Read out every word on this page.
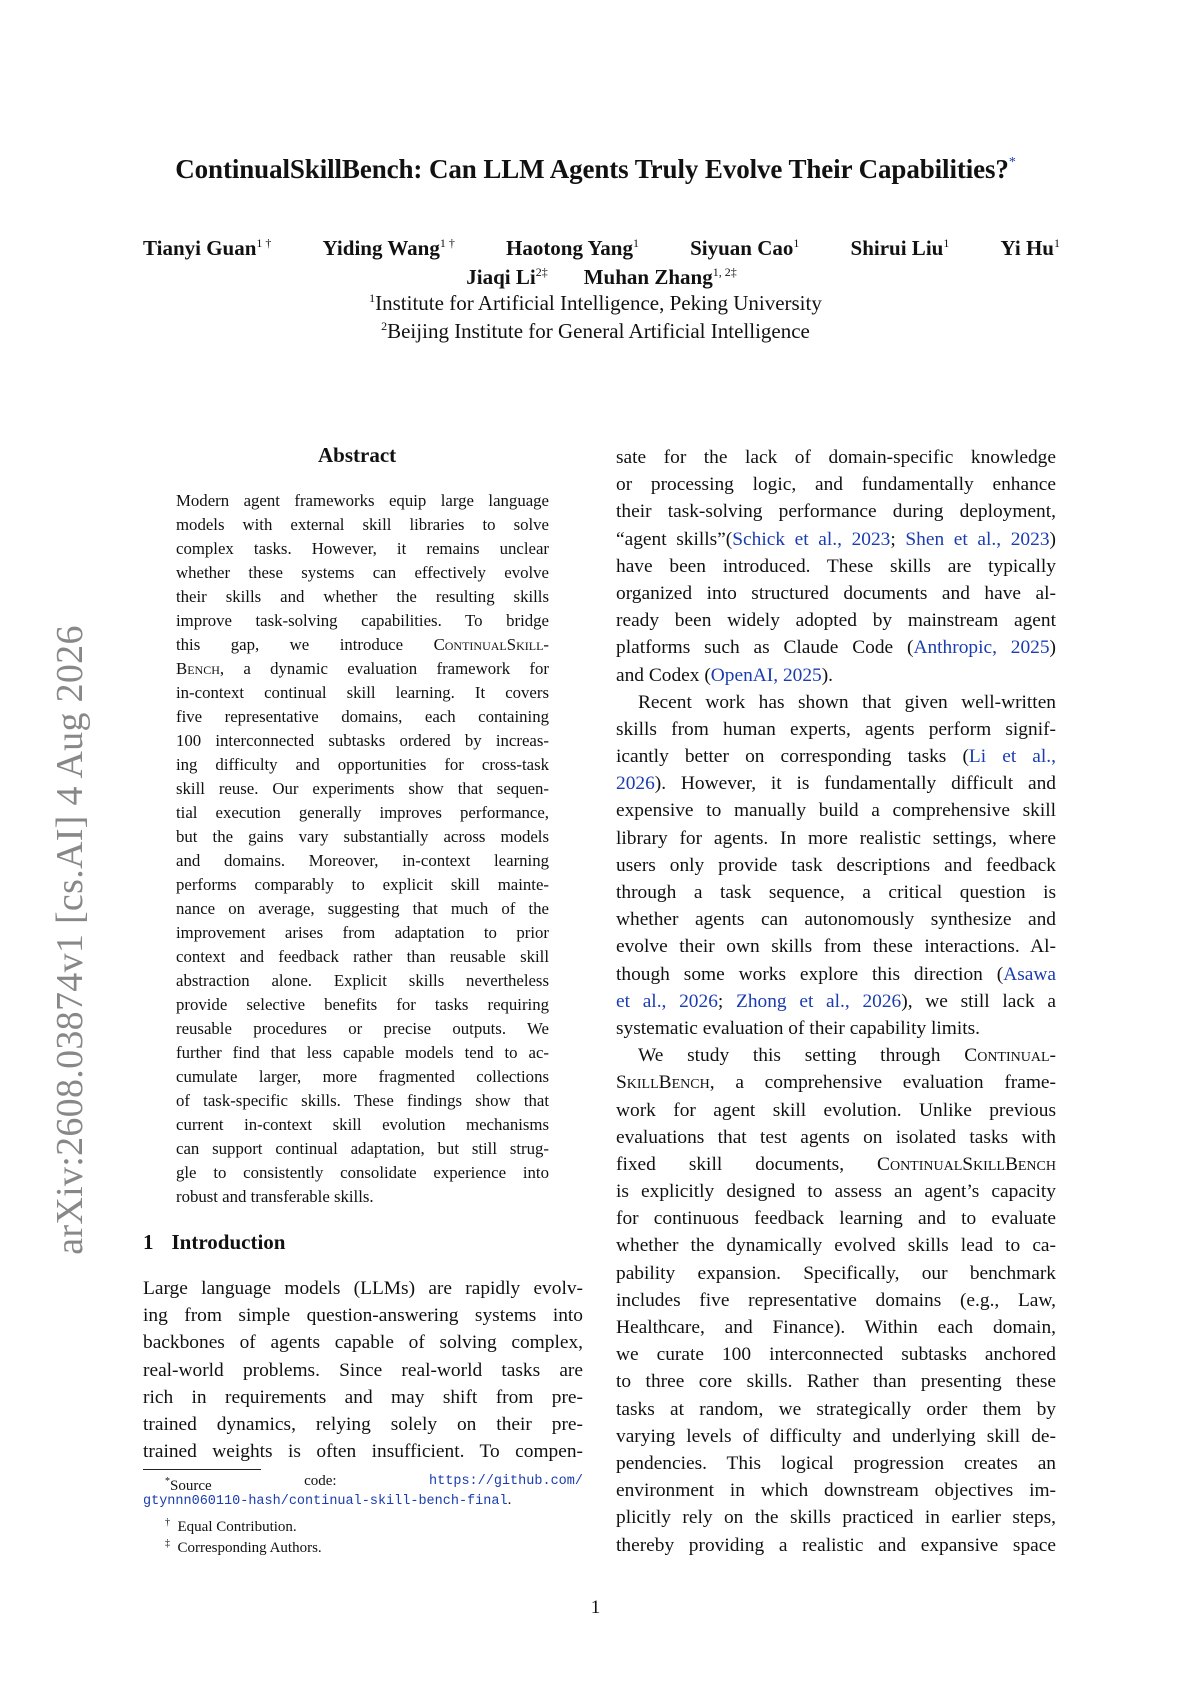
arXiv:2608.03874v1 [cs.AI] 4 Aug 2026
ContinualSkillBench: Can LLM Agents Truly Evolve Their Capabilities?*
Tianyi Guan$^{1 \dagger}$ Yiding Wang$^{1 \dagger}$ Haotong Yang$^1$ Siyuan Cao$^1$ Shirui Liu$^1$ Yi Hu$^1$
Jiaqi $Li^{2\ddagger}$ Muhan Zhang$^{1, 2\ddagger}$
$^1$Institute for Artificial Intelligence, Peking University
$^2$Beijing Institute for General Artificial Intelligence
Abstract
Modern agent frameworks equip large language
models with external skill libraries to solve
complex tasks. However, it remains unclear
whether these systems can effectively evolve
their skills and whether the resulting skills
improve task-solving capabilities. To bridge
this gap, we introduce ContinualSkill-
Bench, a dynamic evaluation framework for
in-context continual skill learning. It covers
five representative domains, each containing
100 interconnected subtasks ordered by increas-
ing difficulty and opportunities for cross-task
skill reuse. Our experiments show that sequen-
tial execution generally improves performance,
but the gains vary substantially across models
and domains. Moreover, in-context learning
performs comparably to explicit skill mainte-
nance on average, suggesting that much of the
improvement arises from adaptation to prior
context and feedback rather than reusable skill
abstraction alone. Explicit skills nevertheless
provide selective benefits for tasks requiring
reusable procedures or precise outputs. We
further find that less capable models tend to ac-
cumulate larger, more fragmented collections
of task-specific skills. These findings show that
current in-context skill evolution mechanisms
can support continual adaptation, but still strug-
gle to consistently consolidate experience into
robust and transferable skills.
1 Introduction
Large language models (LLMs) are rapidly evolv-
ing from simple question-answering systems into
backbones of agents capable of solving complex,
real-world problems. Since real-world tasks are
rich in requirements and may shift from pre-
trained dynamics, relying solely on their pre-
trained weights is often insufficient. To compen-
sate for the lack of domain-specific knowledge
or processing logic, and fundamentally enhance
their task-solving performance during deployment,
“agent skills”(Schick et al., 2023; Shen et al., 2023)
have been introduced. These skills are typically
organized into structured documents and have al-
ready been widely adopted by mainstream agent
platforms such as Claude Code (Anthropic, 2025)
and Codex (OpenAI, 2025).
Recent work has shown that given well-written
skills from human experts, agents perform signif-
icantly better on corresponding tasks (Li et al.,
2026). However, it is fundamentally difficult and
expensive to manually build a comprehensive skill
library for agents. In more realistic settings, where
users only provide task descriptions and feedback
through a task sequence, a critical question is
whether agents can autonomously synthesize and
evolve their own skills from these interactions. Al-
though some works explore this direction (Asawa
et al., 2026; Zhong et al., 2026), we still lack a
systematic evaluation of their capability limits.
We study this setting through Continual-
SkillBench, a comprehensive evaluation frame-
work for agent skill evolution. Unlike previous
evaluations that test agents on isolated tasks with
fixed skill documents, ContinualSkillBench
is explicitly designed to assess an agent’s capacity
for continuous feedback learning and to evaluate
whether the dynamically evolved skills lead to ca-
pability expansion. Specifically, our benchmark
includes five representative domains (e.g., Law,
Healthcare, and Finance). Within each domain,
we curate 100 interconnected subtasks anchored
to three core skills. Rather than presenting these
tasks at random, we strategically order them by
varying levels of difficulty and underlying skill de-
pendencies. This logical progression creates an
environment in which downstream objectives im-
plicitly rely on the skills practiced in earlier steps,
thereby providing a realistic and expansive space
*Source	code:	https://github.com/
gtynnn060110-hash/continual-skill-bench-final.
† Equal Contribution.
‡ Corresponding Authors.
1
